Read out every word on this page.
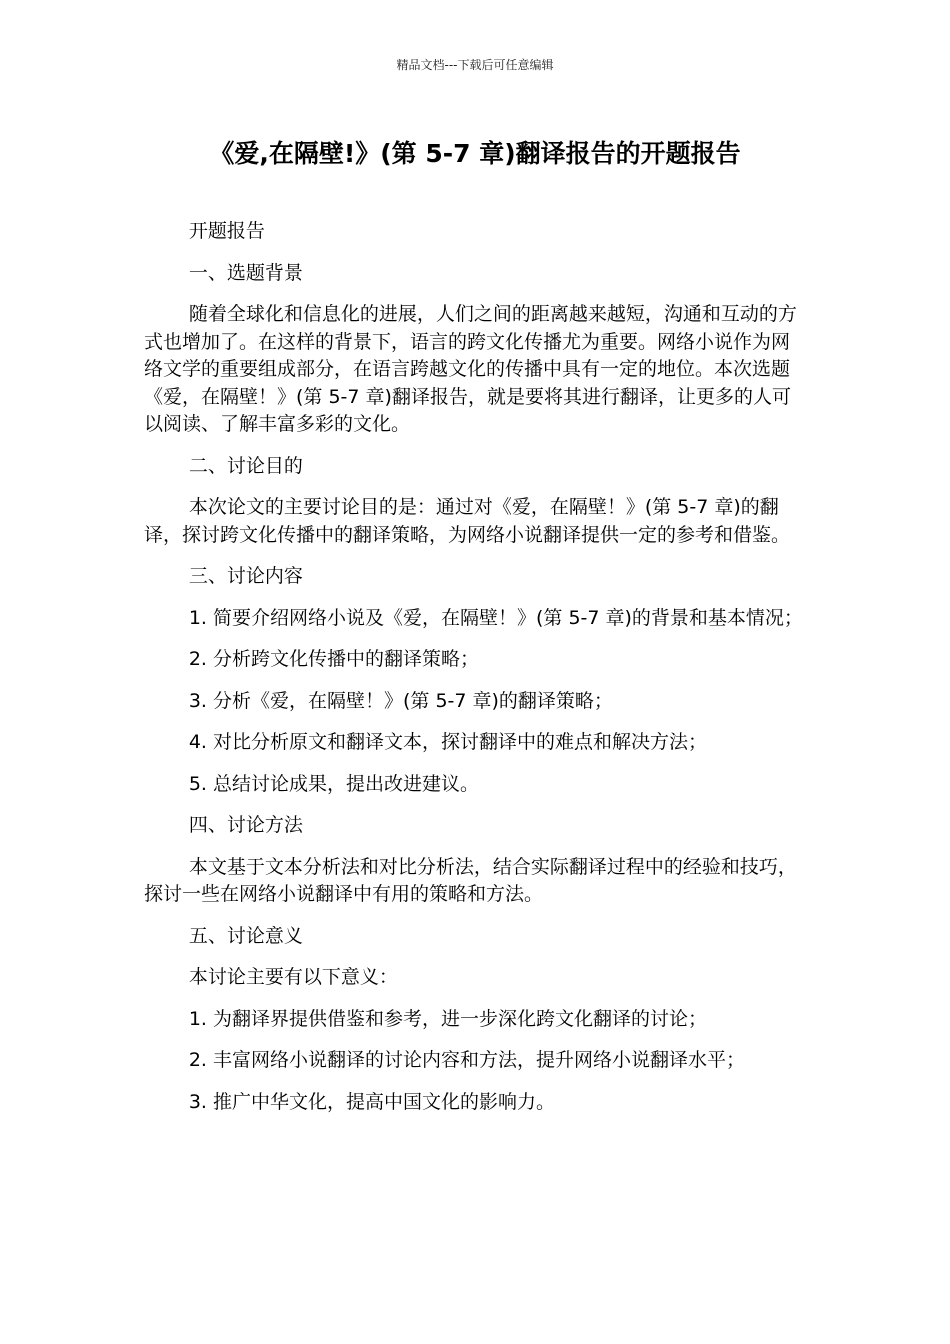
精品文档---下载后可任意编辑
《爱,在隔壁!》(第 5-7 章)翻译报告的开题报告

开题报告

一、选题背景

随着全球化和信息化的进展，人们之间的距离越来越短，沟通和互动的方式也增加了。在这样的背景下，语言的跨文化传播尤为重要。网络小说作为网络文学的重要组成部分，在语言跨越文化的传播中具有一定的地位。本次选题《爱，在隔壁！》(第 5-7 章)翻译报告，就是要将其进行翻译，让更多的人可以阅读、了解丰富多彩的文化。

二、讨论目的

本次论文的主要讨论目的是：通过对《爱，在隔壁！》(第 5-7 章)的翻译，探讨跨文化传播中的翻译策略，为网络小说翻译提供一定的参考和借鉴。

三、讨论内容

1. 简要介绍网络小说及《爱，在隔壁！》(第 5-7 章)的背景和基本情况；

2. 分析跨文化传播中的翻译策略；

3. 分析《爱，在隔壁！》(第 5-7 章)的翻译策略；

4. 对比分析原文和翻译文本，探讨翻译中的难点和解决方法；

5. 总结讨论成果，提出改进建议。

四、讨论方法

本文基于文本分析法和对比分析法，结合实际翻译过程中的经验和技巧，探讨一些在网络小说翻译中有用的策略和方法。

五、讨论意义

本讨论主要有以下意义：

1. 为翻译界提供借鉴和参考，进一步深化跨文化翻译的讨论；

2. 丰富网络小说翻译的讨论内容和方法，提升网络小说翻译水平；

3. 推广中华文化，提高中国文化的影响力。
